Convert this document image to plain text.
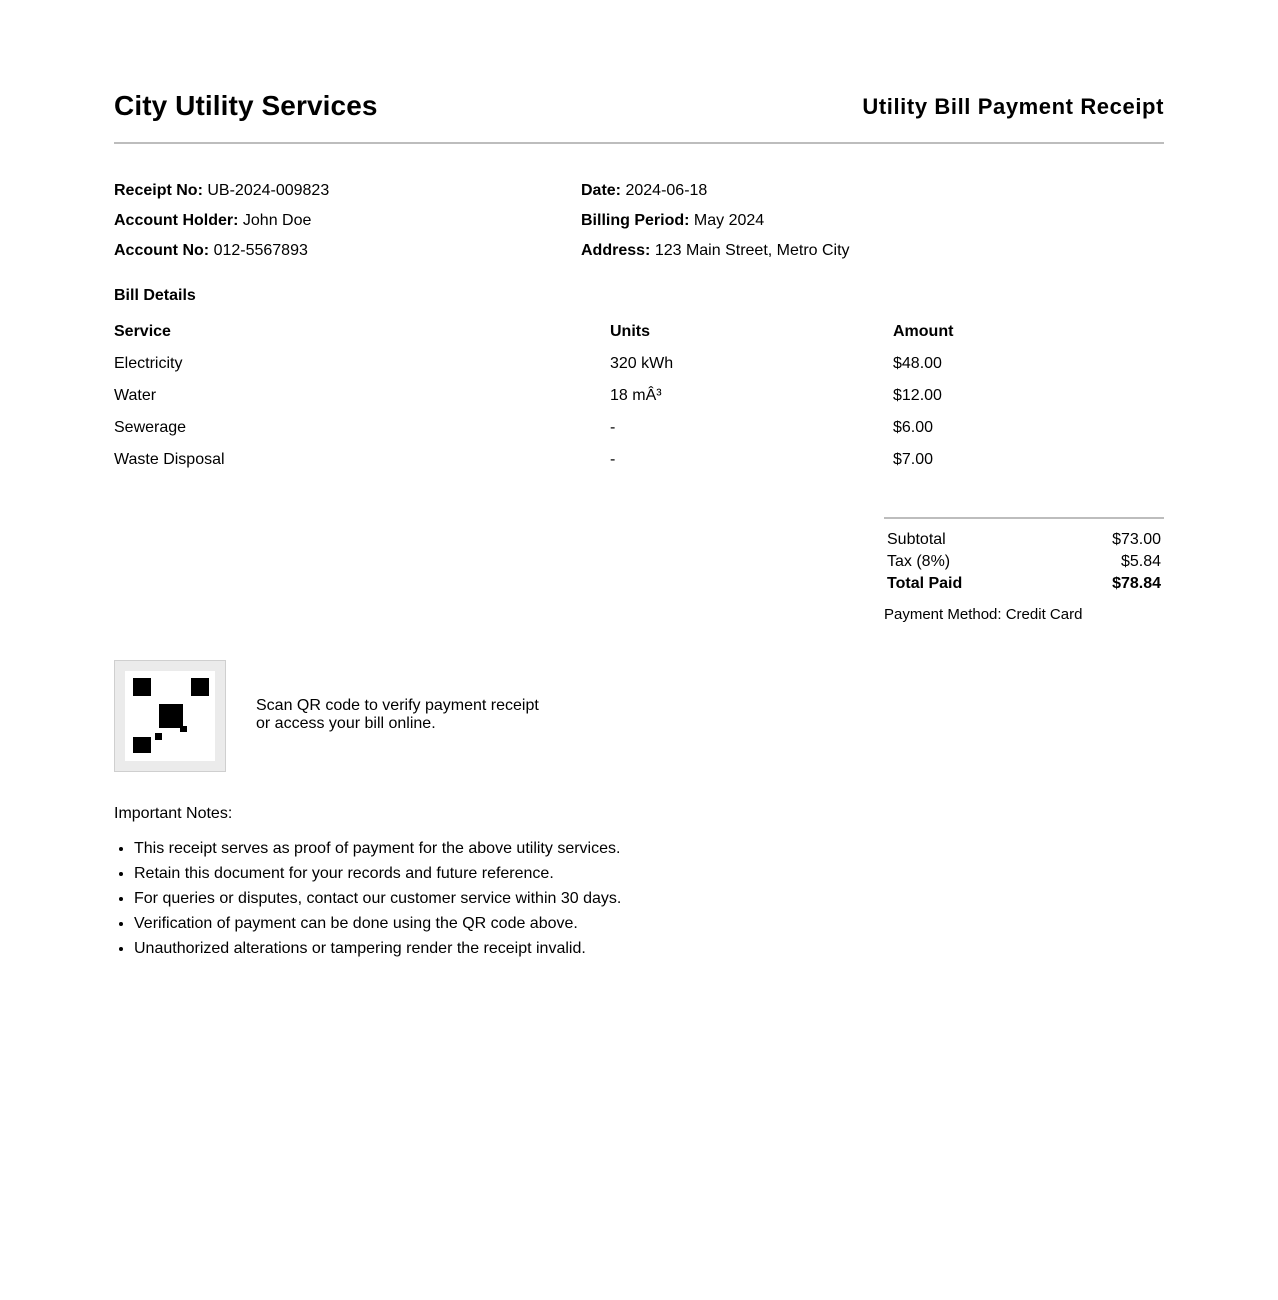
City Utility Services	Utility Bill Payment Receipt
Receipt No: UB-2024-009823
Account Holder: John Doe
Account No: 012-5567893
Date: 2024-06-18
Billing Period: May 2024
Address: 123 Main Street, Metro City
Bill Details
Service	Units	Amount
Electricity	320 kWh	$48.00
Water	18 mÂ³	$12.00
Sewerage	-	$6.00
Waste Disposal	-	$7.00
Subtotal	$73.00
Tax (8%)	$5.84
Total Paid	$78.84
Payment Method: Credit Card
Scan QR code to verify payment receipt
or access your bill online.
Important Notes:
• This receipt serves as proof of payment for the above utility services.
• Retain this document for your records and future reference.
• For queries or disputes, contact our customer service within 30 days.
• Verification of payment can be done using the QR code above.
• Unauthorized alterations or tampering render the receipt invalid.
